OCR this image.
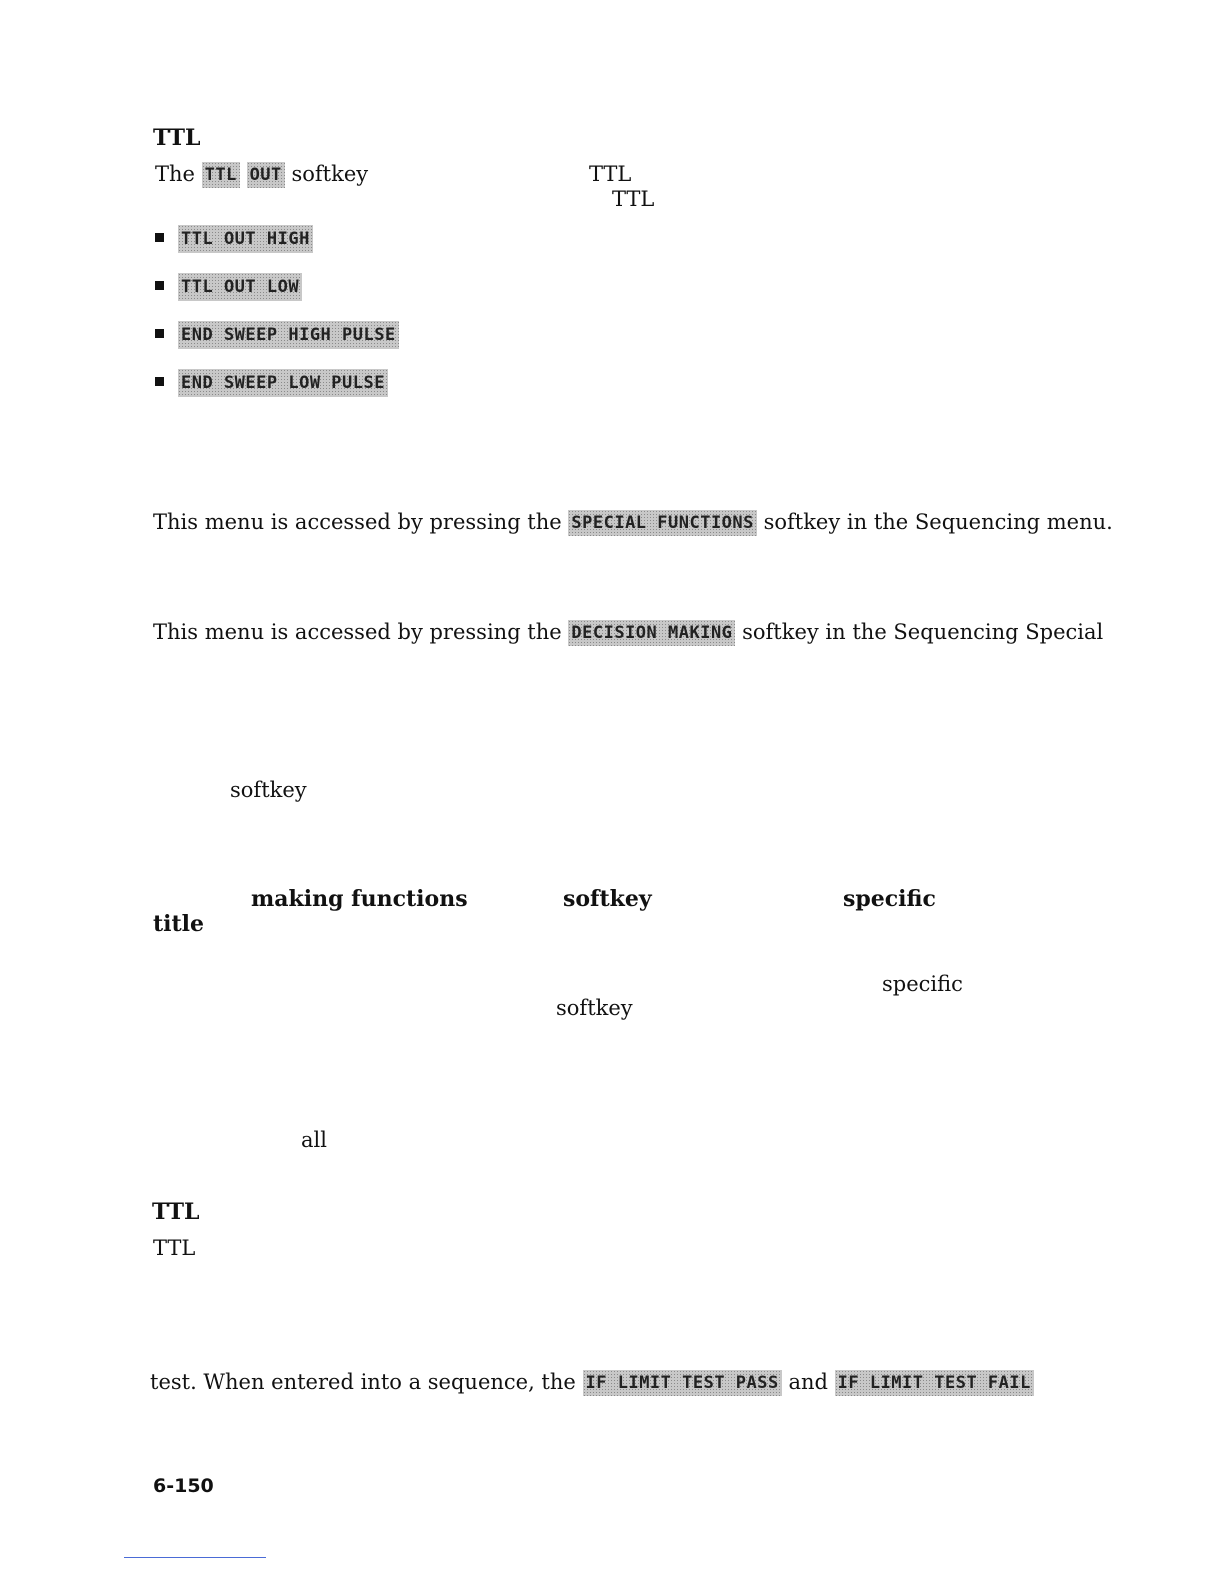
TTL
The TTL OUT softkey	TTL
TTL
TTL OUT HIGH
TTL OUT LOW
END SWEEP HIGH PULSE
END SWEEP LOW PULSE
This menu is accessed by pressing the SPECIAL FUNCTIONS softkey in the Sequencing menu.
This menu is accessed by pressing the DECISION MAKING softkey in the Sequencing Special
softkey
making functions	softkey	specific
title
specific
softkey
all
TTL
TTL
test. When entered into a sequence, the IF LIMIT TEST PASS and IF LIMIT TEST FAIL
6-150
